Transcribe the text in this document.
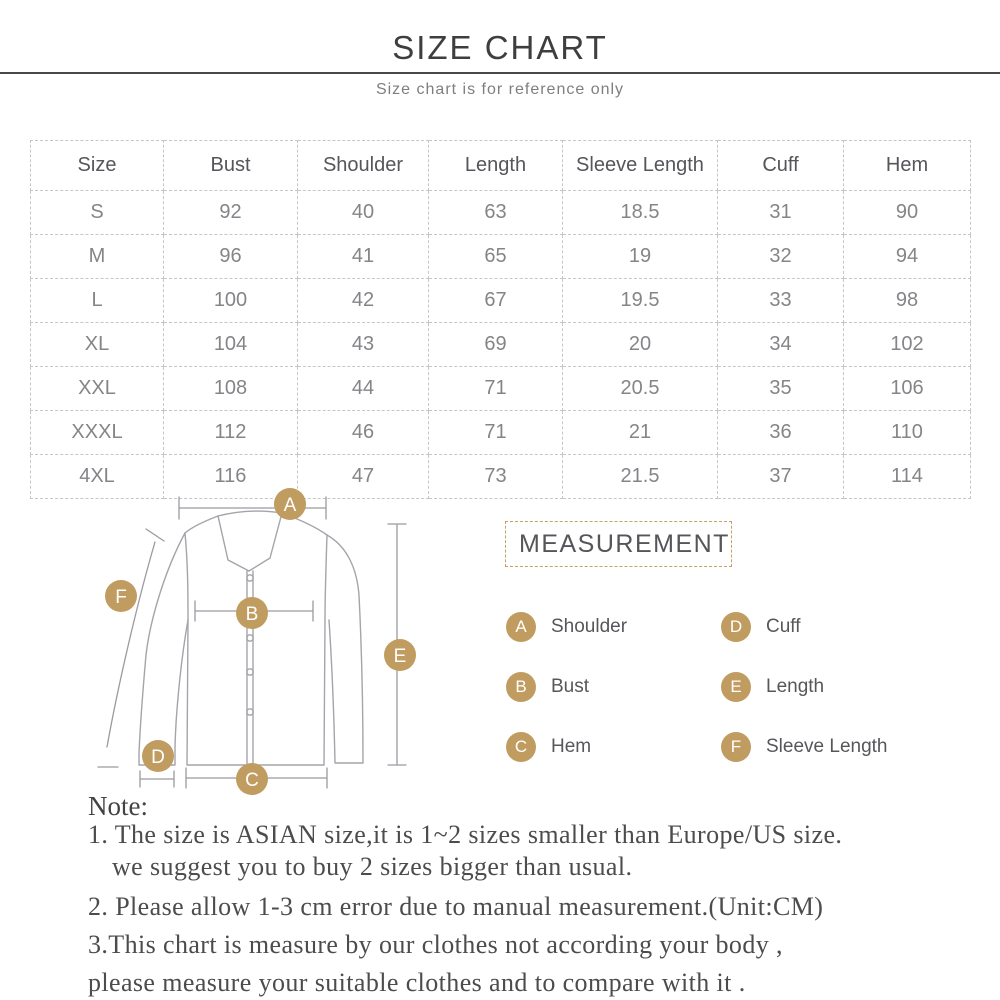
SIZE CHART
Size chart is for reference only
Size	Bust	Shoulder	Length	Sleeve Length	Cuff	Hem
S	92	40	63	18.5	31	90
M	96	41	65	19	32	94
L	100	42	67	19.5	33	98
XL	104	43	69	20	34	102
XXL	108	44	71	20.5	35	106
XXXL	112	46	71	21	36	110
4XL	116	47	73	21.5	37	114
A
B
C
D
E
F
MEASUREMENT
A	Shoulder	D	Cuff
B	Bust	E	Length
C	Hem	F	Sleeve Length
Note:
1. The size is ASIAN size,it is 1~2 sizes smaller than Europe/US size.
we suggest you to buy 2 sizes bigger than usual.
2. Please allow 1-3 cm error due to manual measurement.(Unit:CM)
3.This chart is measure by our clothes not according your body ,
please measure your suitable clothes and to compare with it .
